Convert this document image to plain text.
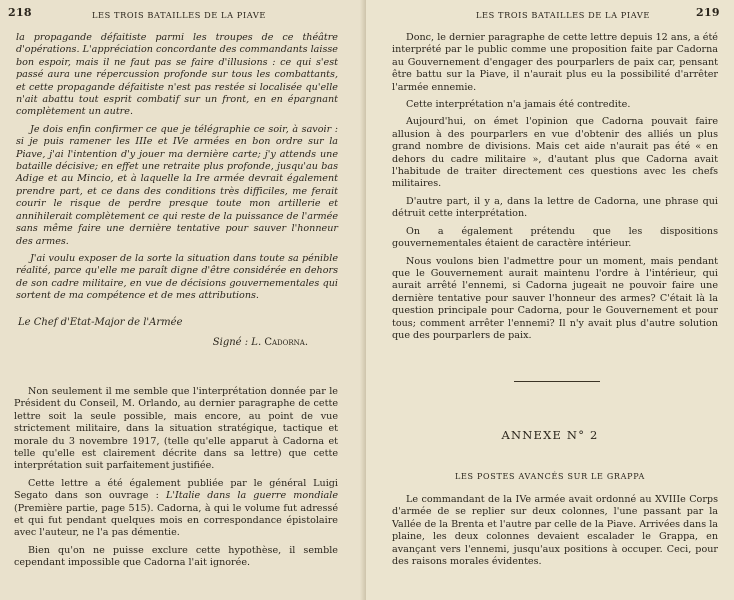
218	LES TROIS BATAILLES DE LA PIAVE

la propagande défaitiste parmi les troupes de ce théâtre d'opérations. L'appréciation concordante des commandants laisse bon espoir, mais il ne faut pas se faire d'illusions : ce qui s'est passé aura une répercussion profonde sur tous les combattants, et cette propagande défaitiste n'est pas restée si localisée qu'elle n'ait abattu tout esprit combatif sur un front, en en épargnant complètement un autre.

Je dois enfin confirmer ce que je télégraphie ce soir, à savoir : si je puis ramener les IIIe et IVe armées en bon ordre sur la Piave, j'ai l'intention d'y jouer ma dernière carte; j'y attends une bataille décisive; en effet une retraite plus profonde, jusqu'au bas Adige et au Mincio, et à laquelle la Ire armée devrait également prendre part, et ce dans des conditions très difficiles, me ferait courir le risque de perdre presque toute mon artillerie et annihilerait complètement ce qui reste de la puissance de l'armée sans même faire une dernière tentative pour sauver l'honneur des armes.

J'ai voulu exposer de la sorte la situation dans toute sa pénible réalité, parce qu'elle me paraît digne d'être considérée en dehors de son cadre militaire, en vue de décisions gouvernementales qui sortent de ma compétence et de mes attributions.

Le Chef d'Etat-Major de l'Armée
Signé : L. Cadorna.

Non seulement il me semble que l'interprétation donnée par le Président du Conseil, M. Orlando, au dernier paragraphe de cette lettre soit la seule possible, mais encore, au point de vue strictement militaire, dans la situation stratégique, tactique et morale du 3 novembre 1917, (telle qu'elle apparut à Cadorna et telle qu'elle est clairement décrite dans sa lettre) que cette interprétation suit parfaitement justifiée.

Cette lettre a été également publiée par le général Luigi Segato dans son ouvrage : L'Italie dans la guerre mondiale (Première partie, page 515). Cadorna, à qui le volume fut adressé et qui fut pendant quelques mois en correspondance épistolaire avec l'auteur, ne l'a pas démentie.

Bien qu'on ne puisse exclure cette hypothèse, il semble cependant impossible que Cadorna l'ait ignorée.

LES TROIS BATAILLES DE LA PIAVE	219

Donc, le dernier paragraphe de cette lettre depuis 12 ans, a été interprété par le public comme une proposition faite par Cadorna au Gouvernement d'engager des pourparlers de paix car, pensant être battu sur la Piave, il n'aurait plus eu la possibilité d'arrêter l'armée ennemie.

Cette interprétation n'a jamais été contredite.

Aujourd'hui, on émet l'opinion que Cadorna pouvait faire allusion à des pourparlers en vue d'obtenir des alliés un plus grand nombre de divisions. Mais cet aide n'aurait pas été « en dehors du cadre militaire », d'autant plus que Cadorna avait l'habitude de traiter directement ces questions avec les chefs militaires.

D'autre part, il y a, dans la lettre de Cadorna, une phrase qui détruit cette interprétation.

On a également prétendu que les dispositions gouvernementales étaient de caractère intérieur.

Nous voulons bien l'admettre pour un moment, mais pendant que le Gouvernement aurait maintenu l'ordre à l'intérieur, qui aurait arrêté l'ennemi, si Cadorna jugeait ne pouvoir faire une dernière tentative pour sauver l'honneur des armes? C'était là la question principale pour Cadorna, pour le Gouvernement et pour tous; comment arrêter l'ennemi? Il n'y avait plus d'autre solution que des pourparlers de paix.

ANNEXE N° 2
LES POSTES AVANCÉS SUR LE GRAPPA

Le commandant de la IVe armée avait ordonné au XVIIIe Corps d'armée de se replier sur deux colonnes, l'une passant par la Vallée de la Brenta et l'autre par celle de la Piave. Arrivées dans la plaine, les deux colonnes devaient escalader le Grappa, en avançant vers l'ennemi, jusqu'aux positions à occuper. Ceci, pour des raisons morales évidentes.
